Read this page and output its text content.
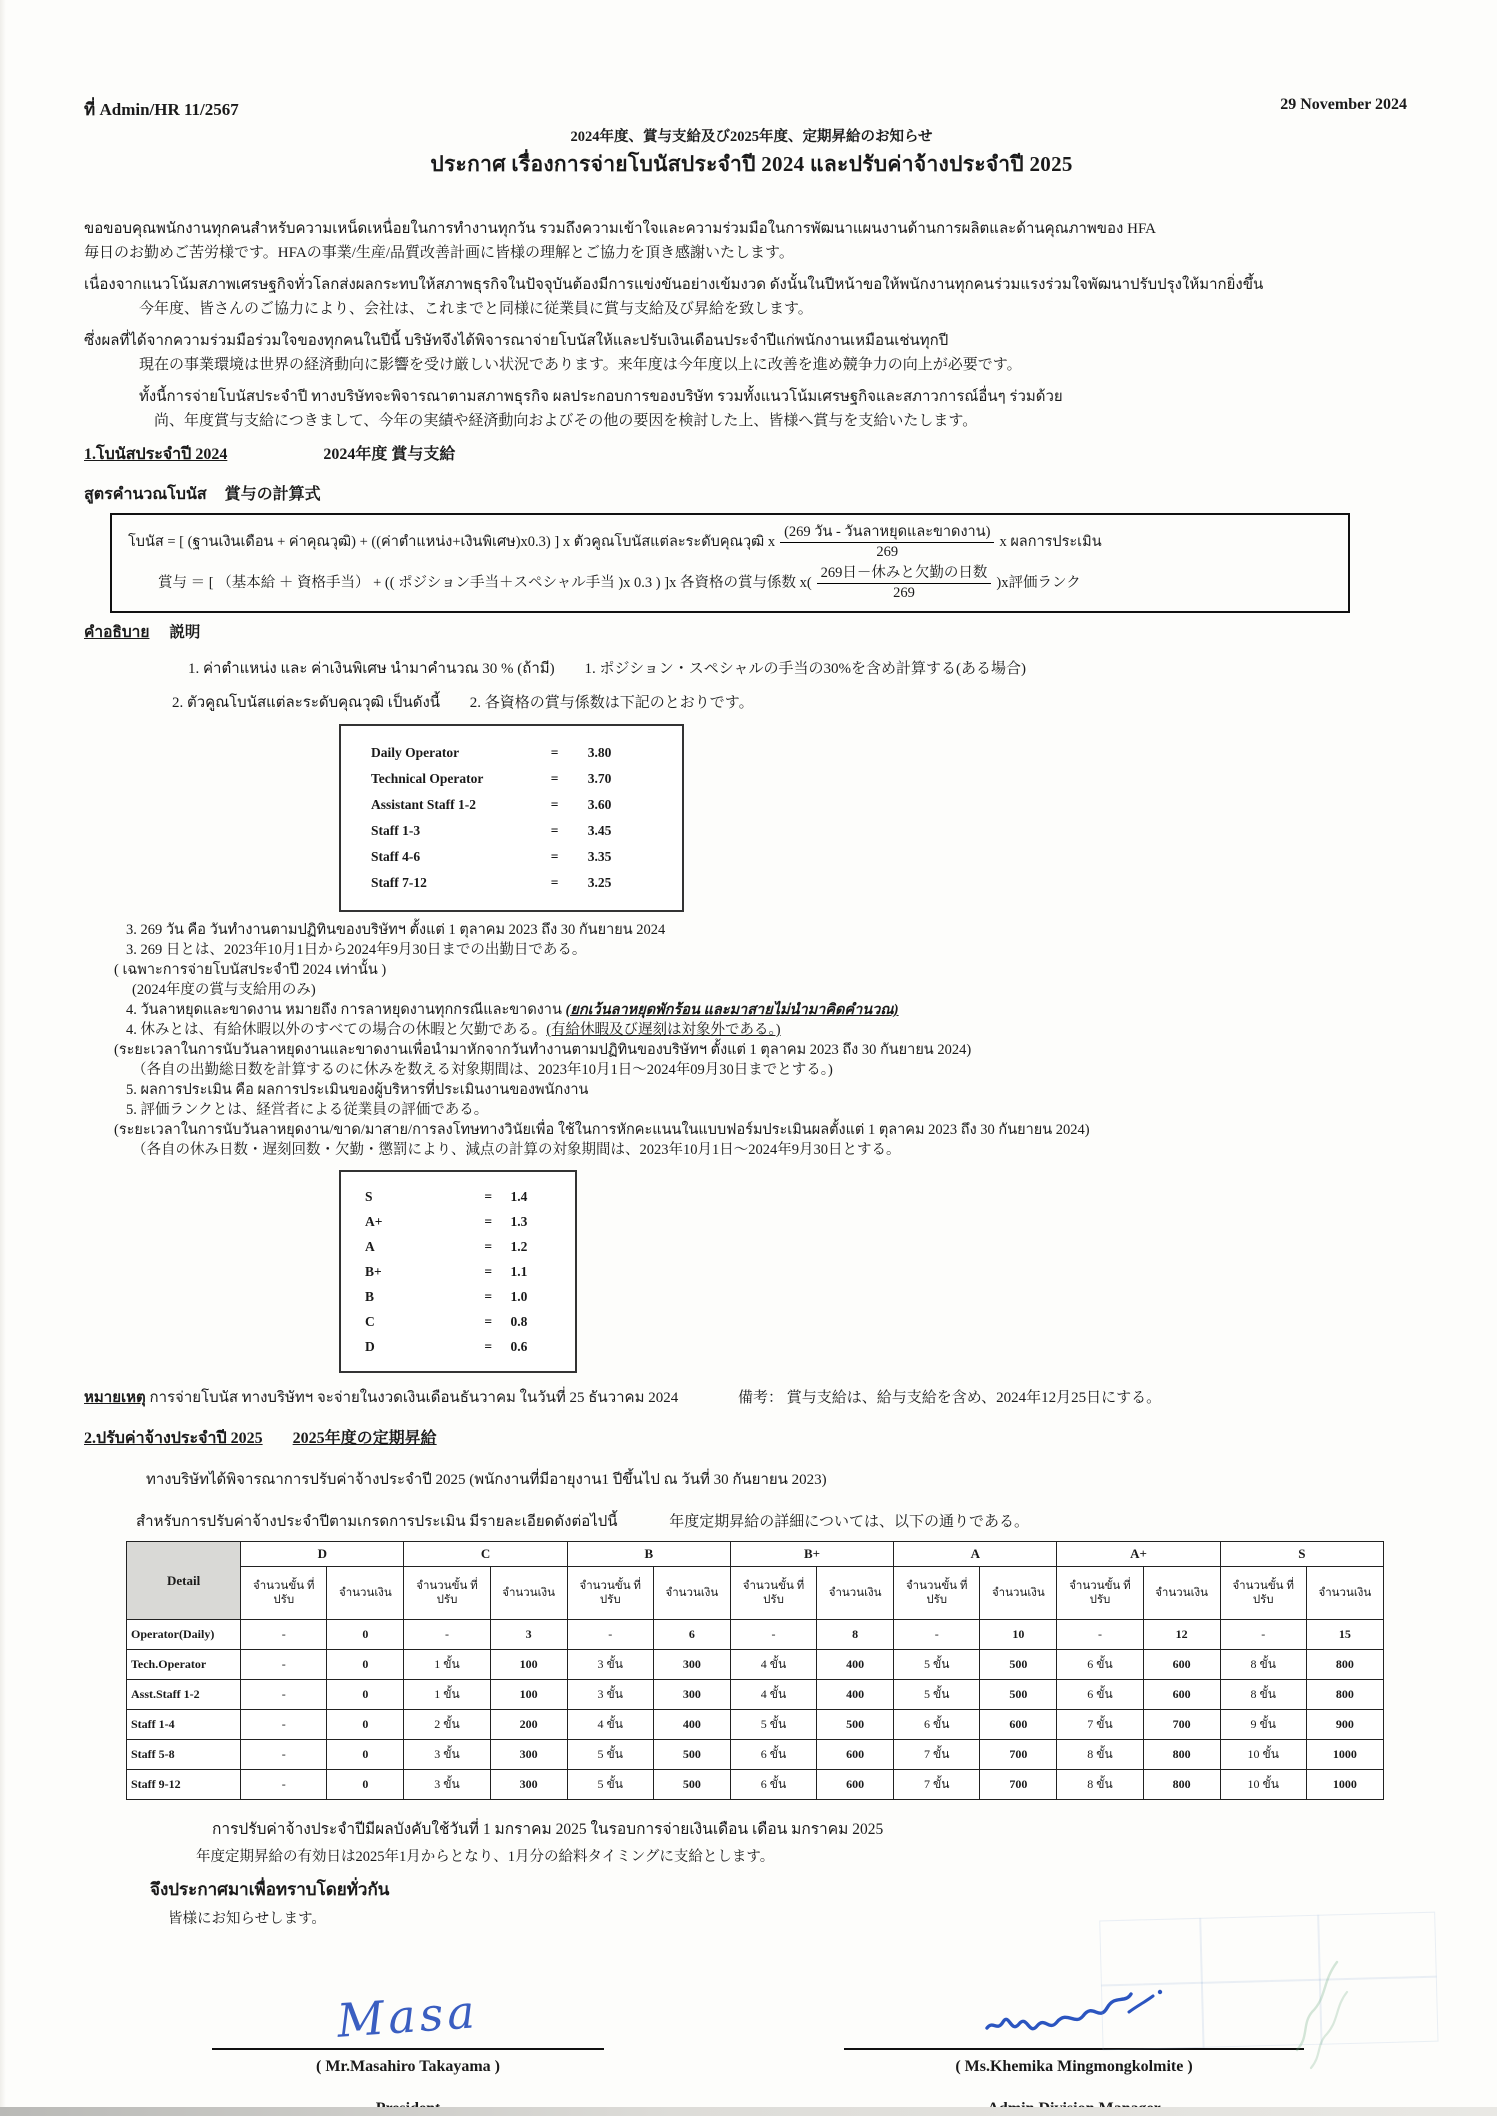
ที่ Admin/HR 11/2567	29 November 2024
2024年度、賞与支給及び2025年度、定期昇給のお知らせ
ประกาศ เรื่องการจ่ายโบนัสประจำปี 2024 และปรับค่าจ้างประจำปี 2025
ขอขอบคุณพนักงานทุกคนสำหรับความเหน็ดเหนื่อยในการทำงานทุกวัน รวมถึงความเข้าใจและความร่วมมือในการพัฒนาแผนงานด้านการผลิตและด้านคุณภาพของ HFA
毎日のお勤めご苦労様です。HFAの事業/生産/品質改善計画に皆様の理解とご協力を頂き感謝いたします。
เนื่องจากแนวโน้มสภาพเศรษฐกิจทั่วโลกส่งผลกระทบให้สภาพธุรกิจในปัจจุบันต้องมีการแข่งขันอย่างเข้มงวด ดังนั้นในปีหน้าขอให้พนักงานทุกคนร่วมแรงร่วมใจพัฒนาปรับปรุงให้มากยิ่งขึ้น
今年度、皆さんのご協力により、会社は、これまでと同様に従業員に賞与支給及び昇給を致します。
ซึ่งผลที่ได้จากความร่วมมือร่วมใจของทุกคนในปีนี้ บริษัทจึงได้พิจารณาจ่ายโบนัสให้และปรับเงินเดือนประจำปีแก่พนักงานเหมือนเช่นทุกปี
現在の事業環境は世界の経済動向に影響を受け厳しい状況であります。来年度は今年度以上に改善を進め競争力の向上が必要です。
ทั้งนี้การจ่ายโบนัสประจำปี ทางบริษัทจะพิจารณาตามสภาพธุรกิจ ผลประกอบการของบริษัท รวมทั้งแนวโน้มเศรษฐกิจและสภาวการณ์อื่นๆ ร่วมด้วย
尚、年度賞与支給につきまして、今年の実績や経済動向およびその他の要因を検討した上、皆様へ賞与を支給いたします。
1.โบนัสประจำปี 2024	2024年度 賞与支給
สูตรคำนวณโบนัส 賞与の計算式
โบนัส = [ (ฐานเงินเดือน + ค่าคุณวุฒิ) + ((ค่าตำแหน่ง+เงินพิเศษ)x0.3) ] x ตัวคูณโบนัสแต่ละระดับคุณวุฒิ x $\frac{\text{(269 วัน - วันลาหยุดและขาดงาน)}}{269}$ x ผลการประเมิน
賞与 ＝ [ （基本給 ＋ 資格手当） + (( ポジション手当＋スペシャル手当 )x 0.3 ) ]x 各資格の賞与係数 $x( \frac{\text{269日－休みと欠勤の日数}}{269} )x$評価ランク
คำอธิบาย 説明
1. ค่าตำแหน่ง และ ค่าเงินพิเศษ นำมาคำนวณ 30 % (ถ้ามี) 1. ポジション・スペシャルの手当の30%を含め計算する(ある場合)
2. ตัวคูณโบนัสแต่ละระดับคุณวุฒิ เป็นดังนี้ 2. 各資格の賞与係数は下記のとおりです。
Daily Operator	=	3.80
Technical Operator	=	3.70
Assistant Staff 1-2	=	3.60
Staff 1-3	=	3.45
Staff 4-6	=	3.35
Staff 7-12	=	3.25
3. 269 วัน คือ วันทำงานตามปฏิทินของบริษัทฯ ตั้งแต่ 1 ตุลาคม 2023 ถึง 30 กันยายน 2024
3. 269 日とは、2023年10月1日から2024年9月30日までの出勤日である。
( เฉพาะการจ่ายโบนัสประจำปี 2024 เท่านั้น )
(2024年度の賞与支給用のみ)
4. วันลาหยุดและขาดงาน หมายถึง การลาหยุดงานทุกกรณีและขาดงาน (ยกเว้นลาหยุดพักร้อน และมาสายไม่นำมาคิดคำนวณ)
4. 休みとは、有給休暇以外のすべての場合の休暇と欠勤である。(有給休暇及び遅刻は対象外である。)
(ระยะเวลาในการนับวันลาหยุดงานและขาดงานเพื่อนำมาหักจากวันทำงานตามปฏิทินของบริษัทฯ ตั้งแต่ 1 ตุลาคม 2023 ถึง 30 กันยายน 2024)
（各自の出勤総日数を計算するのに休みを数える対象期間は、2023年10月1日～2024年09月30日までとする。)
5. ผลการประเมิน คือ ผลการประเมินของผู้บริหารที่ประเมินงานของพนักงาน
5. 評価ランクとは、経営者による従業員の評価である。
(ระยะเวลาในการนับวันลาหยุดงาน/ขาด/มาสาย/การลงโทษทางวินัยเพื่อ ใช้ในการหักคะแนนในแบบฟอร์มประเมินผลตั้งแต่ 1 ตุลาคม 2023 ถึง 30 กันยายน 2024)
（各自の休み日数・遅刻回数・欠勤・懲罰により、減点の計算の対象期間は、2023年10月1日～2024年9月30日とする。
S	=	1.4
A+	=	1.3
A	=	1.2
B+	=	1.1
B	=	1.0
C	=	0.8
D	=	0.6
หมายเหตุ การจ่ายโบนัส ทางบริษัทฯ จะจ่ายในงวดเงินเดือนธันวาคม ในวันที่ 25 ธันวาคม 2024	備考： 賞与支給は、給与支給を含め、2024年12月25日にする。
2.ปรับค่าจ้างประจำปี 2025 2025年度の定期昇給
ทางบริษัทได้พิจารณาการปรับค่าจ้างประจำปี 2025 (พนักงานที่มีอายุงาน1 ปีขึ้นไป ณ วันที่ 30 กันยายน 2023)
สำหรับการปรับค่าจ้างประจำปีตามเกรดการประเมิน มีรายละเอียดดังต่อไปนี้	年度定期昇給の詳細については、以下の通りである。
Detail	D		C		B		B+		A		A+		S	
	จำนวนขั้น ที่ปรับ	จำนวนเงิน	จำนวนขั้น ที่ปรับ	จำนวนเงิน	จำนวนขั้น ที่ปรับ	จำนวนเงิน	จำนวนขั้น ที่ปรับ	จำนวนเงิน	จำนวนขั้น ที่ปรับ	จำนวนเงิน	จำนวนขั้น ที่ปรับ	จำนวนเงิน	จำนวนขั้น ที่ปรับ	จำนวนเงิน
Operator(Daily)	-	0	-	3	-	6	-	8	-	10	-	12	-	15
Tech.Operator	-	0	1 ขั้น	100	3 ขั้น	300	4 ขั้น	400	5 ขั้น	500	6 ขั้น	600	8 ขั้น	800
Asst.Staff 1-2	-	0	1 ขั้น	100	3 ขั้น	300	4 ขั้น	400	5 ขั้น	500	6 ขั้น	600	8 ขั้น	800
Staff 1-4	-	0	2 ขั้น	200	4 ขั้น	400	5 ขั้น	500	6 ขั้น	600	7 ขั้น	700	9 ขั้น	900
Staff 5-8	-	0	3 ขั้น	300	5 ขั้น	500	6 ขั้น	600	7 ขั้น	700	8 ขั้น	800	10 ขั้น	1000
Staff 9-12	-	0	3 ขั้น	300	5 ขั้น	500	6 ขั้น	600	7 ขั้น	700	8 ขั้น	800	10 ขั้น	1000
การปรับค่าจ้างประจำปีมีผลบังคับใช้วันที่ 1 มกราคม 2025 ในรอบการจ่ายเงินเดือน เดือน มกราคม 2025
年度定期昇給の有効日は2025年1月からとなり、1月分の給料タイミングに支給とします。
จึงประกาศมาเพื่อทราบโดยทั่วกัน
皆様にお知らせします。
Masa
( Mr.Masahiro Takayama )	( Ms.Khemika Mingmongkolmite )
